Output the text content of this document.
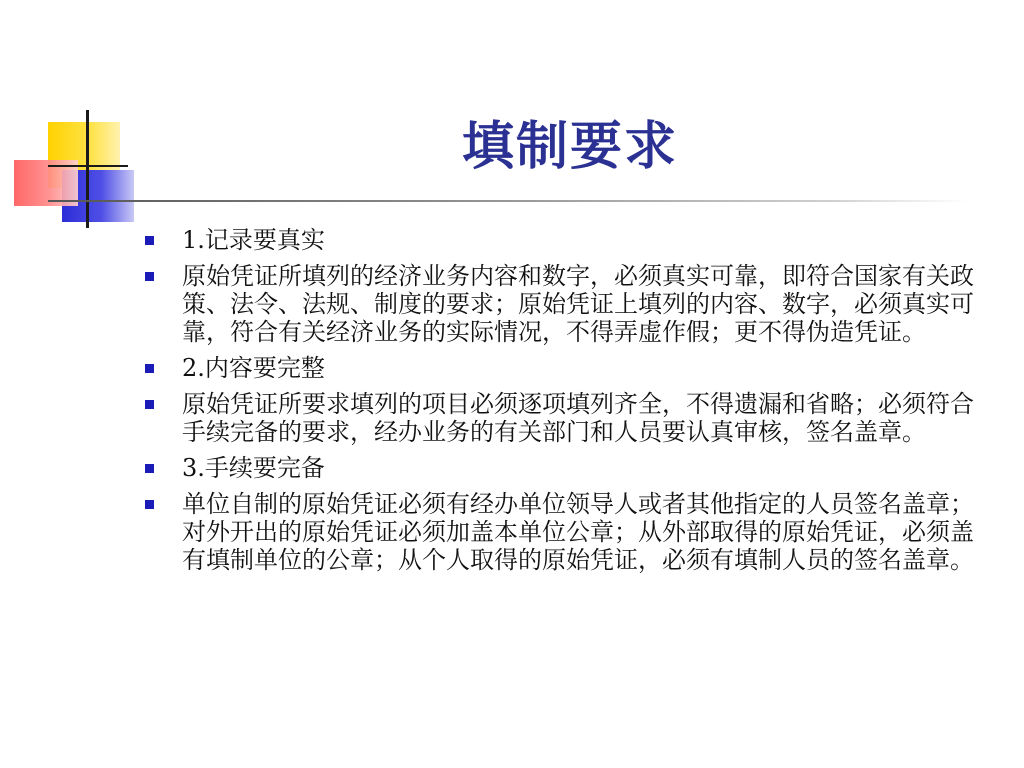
填制要求
1.记录要真实
原始凭证所填列的经济业务内容和数字，必须真实可靠，即符合国家有关政策、法令、法规、制度的要求；原始凭证上填列的内容、数字，必须真实可靠，符合有关经济业务的实际情况，不得弄虚作假；更不得伪造凭证。
2.内容要完整
原始凭证所要求填列的项目必须逐项填列齐全，不得遗漏和省略；必须符合手续完备的要求，经办业务的有关部门和人员要认真审核，签名盖章。
3.手续要完备
单位自制的原始凭证必须有经办单位领导人或者其他指定的人员签名盖章；对外开出的原始凭证必须加盖本单位公章；从外部取得的原始凭证，必须盖有填制单位的公章；从个人取得的原始凭证，必须有填制人员的签名盖章。
